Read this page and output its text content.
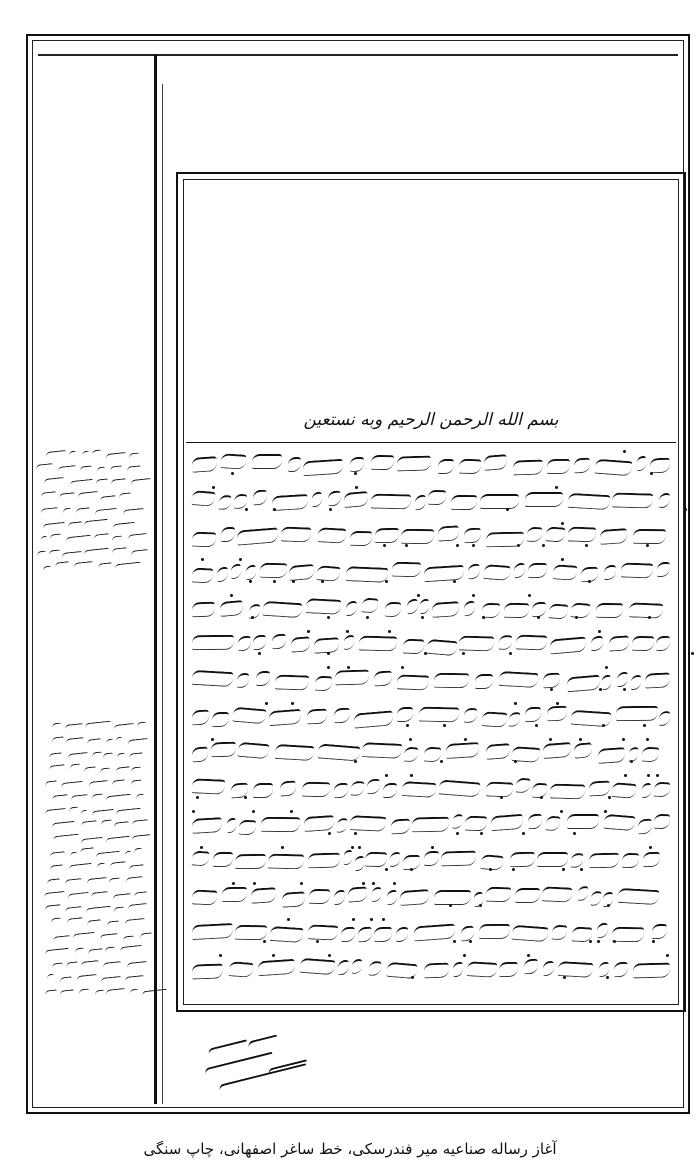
بسم الله الرحمن الرحیم وبه نستعین
آغاز رساله صناعیه میر فندرسکی، خط ساغر اصفهانی، چاپ سنگی
